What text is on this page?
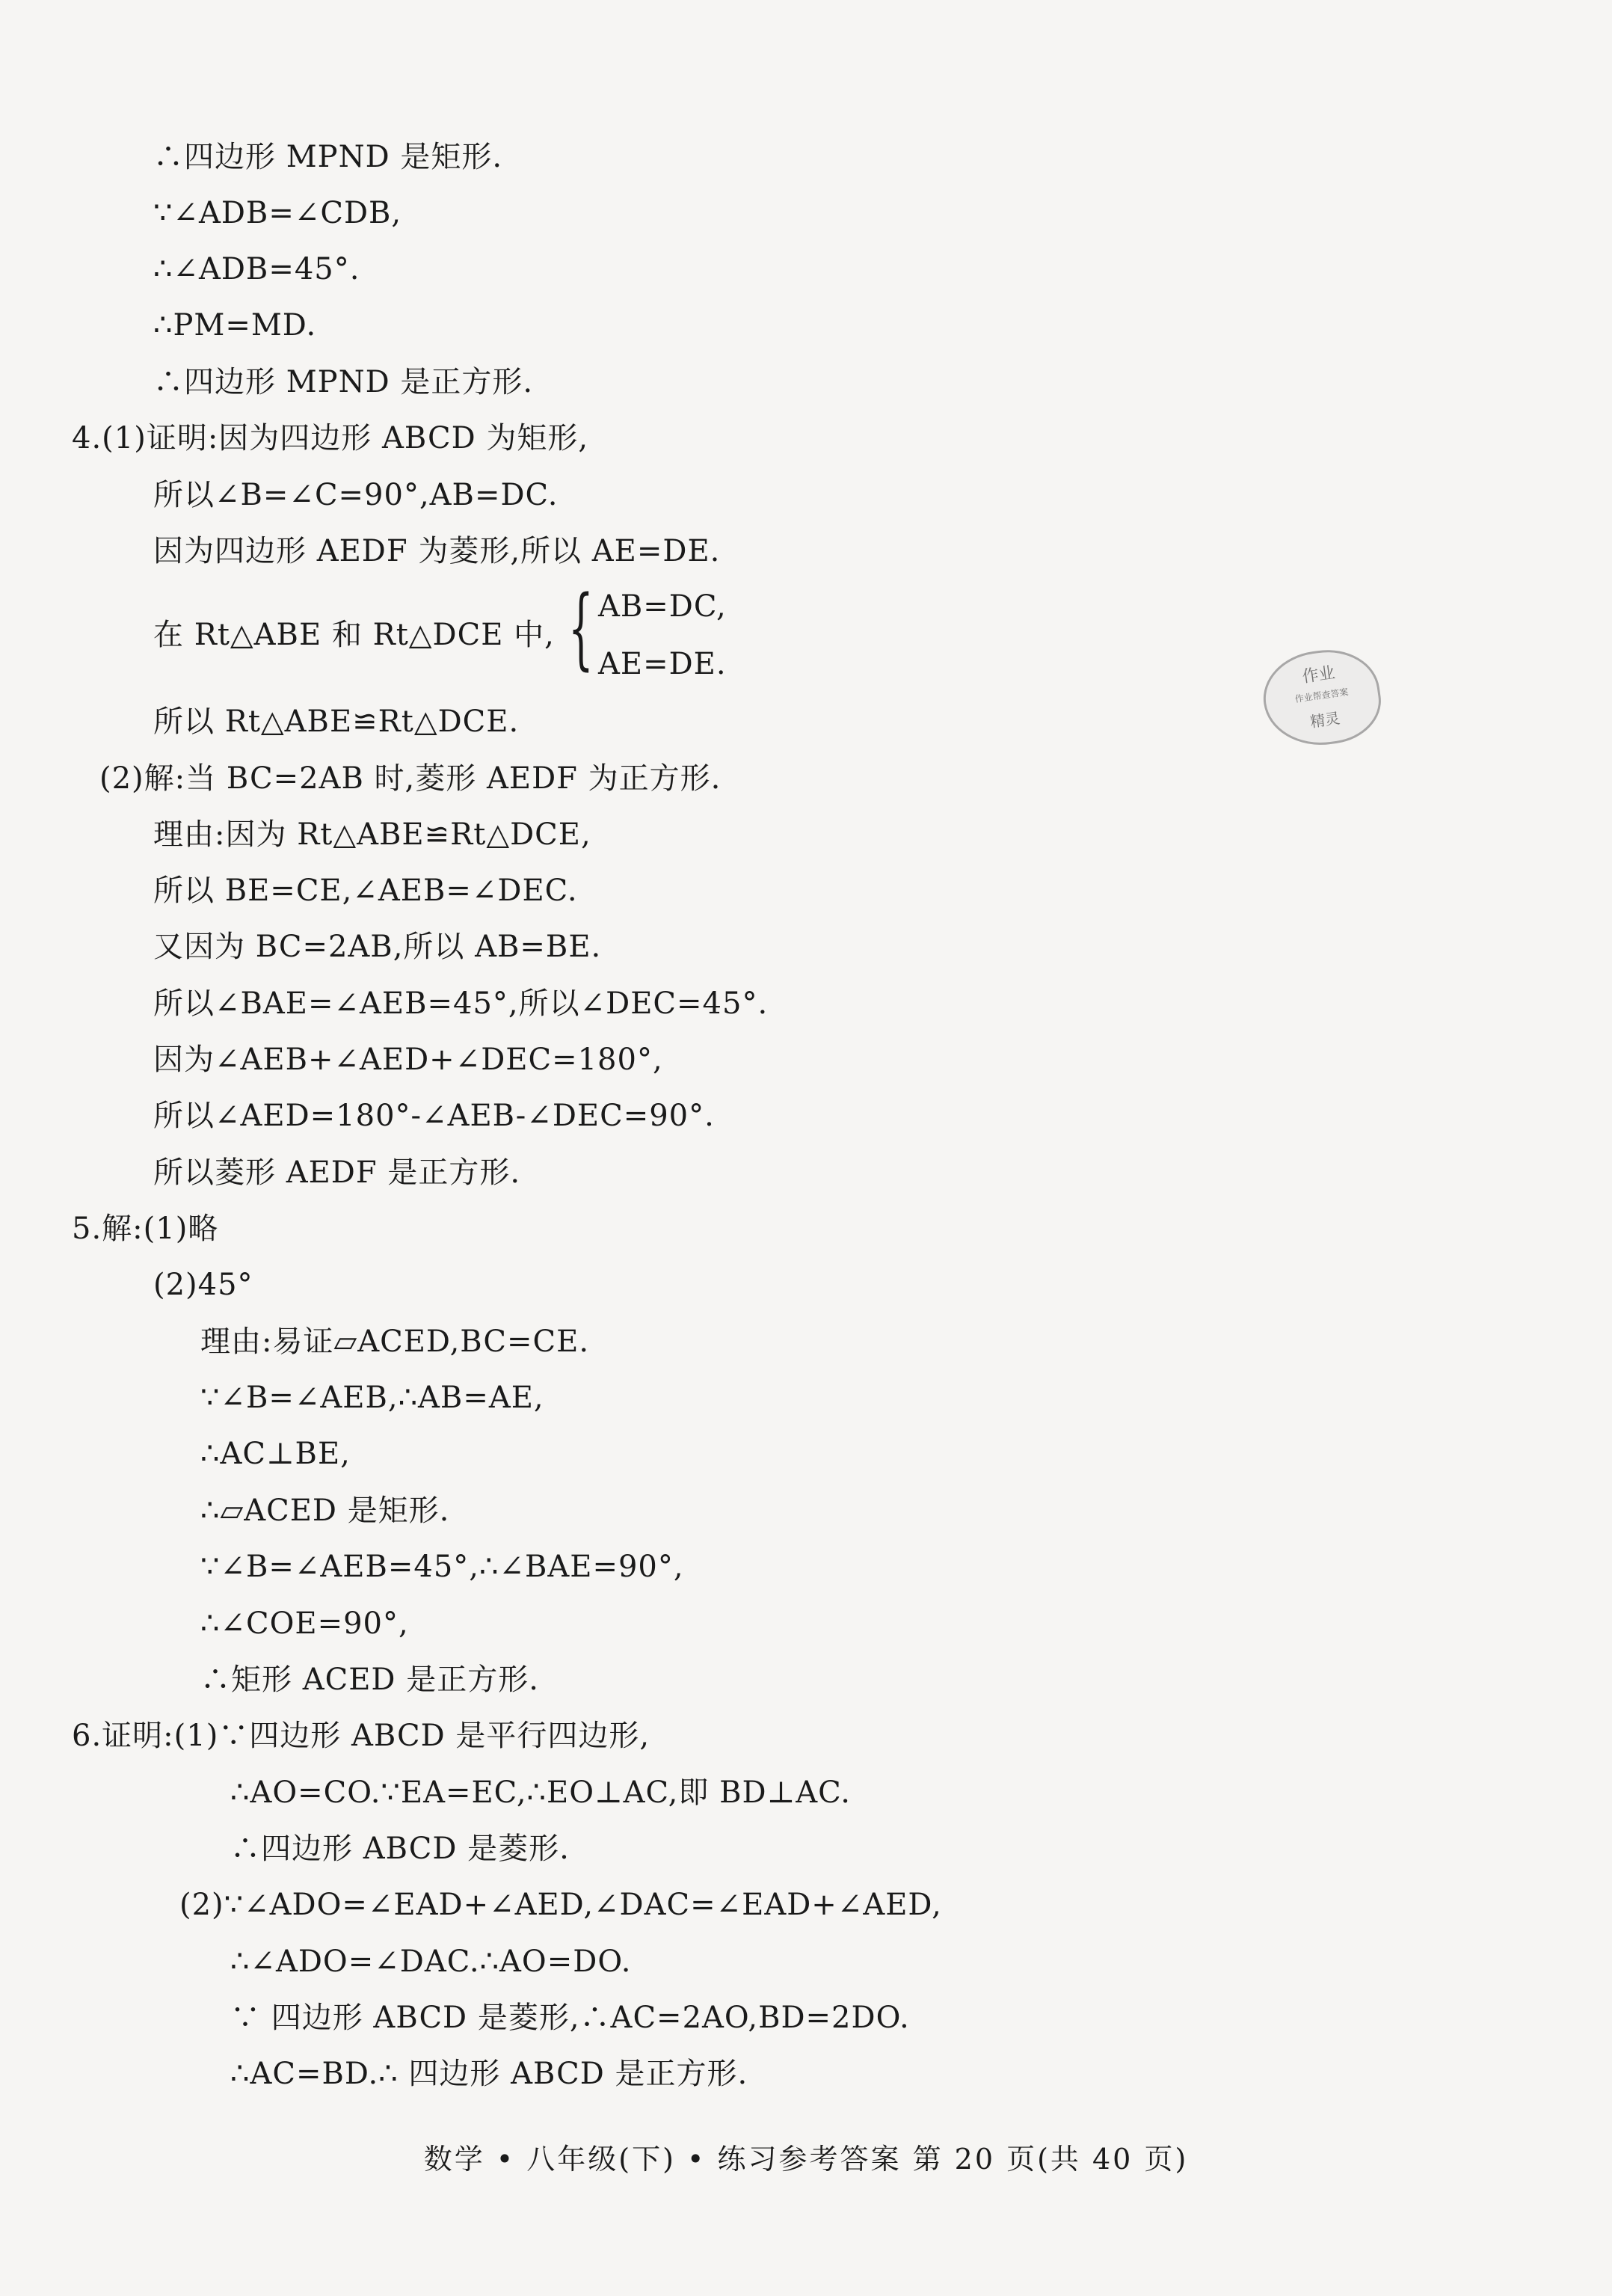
∴四边形 MPND 是矩形.
∵∠ADB=∠CDB,
∴∠ADB=45°.
∴PM=MD.
∴四边形 MPND 是正方形.
4.(1)证明:因为四边形 ABCD 为矩形,
所以∠B=∠C=90°,AB=DC.
因为四边形 AEDF 为菱形,所以 AE=DE.
在 Rt△ABE 和 Rt△DCE 中, { AB=DC,
AE=DE.
所以 Rt△ABE≌Rt△DCE.
(2)解:当 BC=2AB 时,菱形 AEDF 为正方形.
理由:因为 Rt△ABE≌Rt△DCE,
所以 BE=CE,∠AEB=∠DEC.
又因为 BC=2AB,所以 AB=BE.
所以∠BAE=∠AEB=45°,所以∠DEC=45°.
因为∠AEB+∠AED+∠DEC=180°,
所以∠AED=180°-∠AEB-∠DEC=90°.
所以菱形 AEDF 是正方形.
5.解:(1)略
(2)45°
理由:易证▱ACED,BC=CE.
∵∠B=∠AEB,∴AB=AE,
∴AC⊥BE,
∴▱ACED 是矩形.
∵∠B=∠AEB=45°,∴∠BAE=90°,
∴∠COE=90°,
∴矩形 ACED 是正方形.
6.证明:(1)∵四边形 ABCD 是平行四边形,
∴AO=CO.∵EA=EC,∴EO⊥AC,即 BD⊥AC.
∴四边形 ABCD 是菱形.
(2)∵∠ADO=∠EAD+∠AED,∠DAC=∠EAD+∠AED,
∴∠ADO=∠DAC.∴AO=DO.
∵ 四边形 ABCD 是菱形,∴AC=2AO,BD=2DO.
∴AC=BD.∴ 四边形 ABCD 是正方形.
作业
作业帮查答案
精灵
数学 • 八年级(下) • 练习参考答案 第 20 页(共 40 页)
